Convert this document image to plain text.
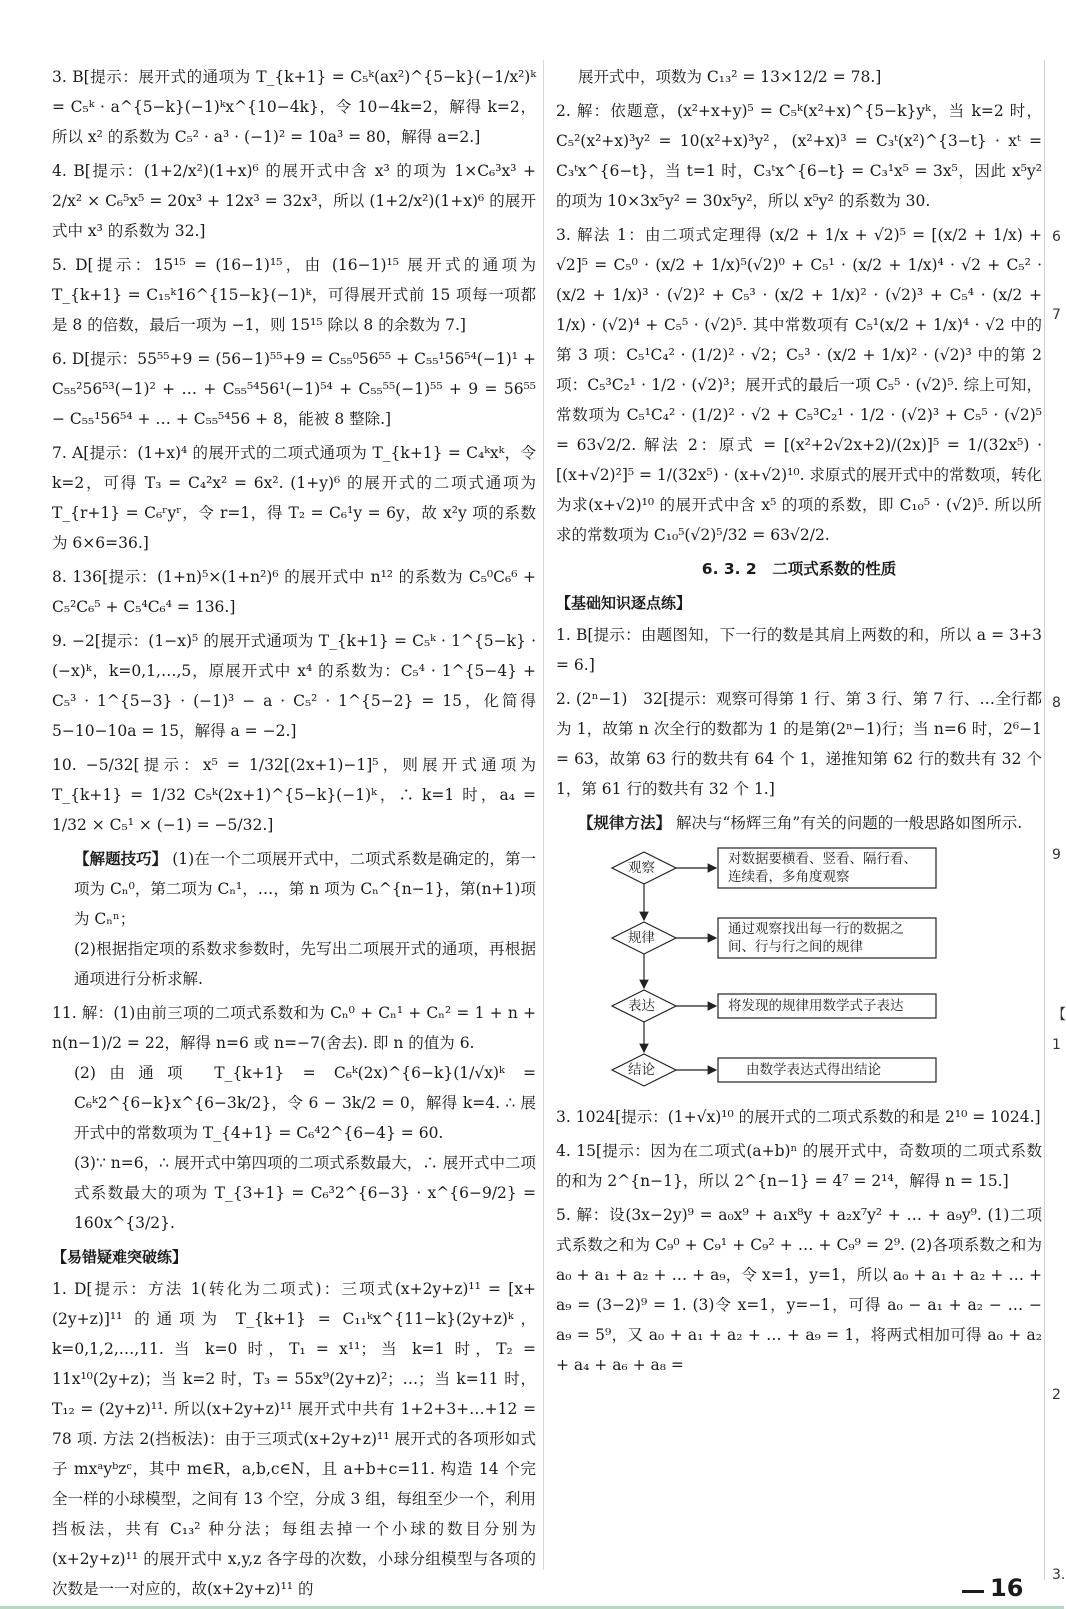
3. B[提示：展开式的通项为 T_{k+1} = C₅ᵏ(ax²)^{5−k}(−1/x²)ᵏ = C₅ᵏ · a^{5−k}(−1)ᵏx^{10−4k}，令 10−4k=2，解得 k=2，所以 x² 的系数为 C₅² · a³ · (−1)² = 10a³ = 80，解得 a=2.]

4. B[提示：(1+2/x²)(1+x)⁶ 的展开式中含 x³ 的项为 1×C₆³x³ + 2/x² × C₆⁵x⁵ = 20x³ + 12x³ = 32x³，所以 (1+2/x²)(1+x)⁶ 的展开式中 x³ 的系数为 32.]

5. D[提示：15¹⁵ = (16−1)¹⁵，由 (16−1)¹⁵ 展开式的通项为 T_{k+1} = C₁₅ᵏ16^{15−k}(−1)ᵏ，可得展开式前 15 项每一项都是 8 的倍数，最后一项为 −1，则 15¹⁵ 除以 8 的余数为 7.]

6. D[提示：55⁵⁵+9 = (56−1)⁵⁵+9 = C₅₅⁰56⁵⁵ + C₅₅¹56⁵⁴(−1)¹ + C₅₅²56⁵³(−1)² + … + C₅₅⁵⁴56¹(−1)⁵⁴ + C₅₅⁵⁵(−1)⁵⁵ + 9 = 56⁵⁵ − C₅₅¹56⁵⁴ + … + C₅₅⁵⁴56 + 8，能被 8 整除.]

7. A[提示：(1+x)⁴ 的展开式的二项式通项为 T_{k+1} = C₄ᵏxᵏ，令 k=2，可得 T₃ = C₄²x² = 6x². (1+y)⁶ 的展开式的二项式通项为 T_{r+1} = C₆ʳyʳ，令 r=1，得 T₂ = C₆¹y = 6y，故 x²y 项的系数为 6×6=36.]

8. 136[提示：(1+n)⁵×(1+n²)⁶ 的展开式中 n¹² 的系数为 C₅⁰C₆⁶ + C₅²C₆⁵ + C₅⁴C₆⁴ = 136.]

9. −2[提示：(1−x)⁵ 的展开式通项为 T_{k+1} = C₅ᵏ · 1^{5−k} · (−x)ᵏ，k=0,1,…,5，原展开式中 x⁴ 的系数为：C₅⁴ · 1^{5−4} + C₅³ · 1^{5−3} · (−1)³ − a · C₅² · 1^{5−2} = 15，化简得 5−10−10a = 15，解得 a = −2.]

10. −5/32[提示：x⁵ = 1/32[(2x+1)−1]⁵，则展开式通项为 T_{k+1} = 1/32 C₅ᵏ(2x+1)^{5−k}(−1)ᵏ，∴ k=1 时，a₄ = 1/32 × C₅¹ × (−1) = −5/32.]

【解题技巧】 (1)在一个二项展开式中，二项式系数是确定的，第一项为 Cₙ⁰，第二项为 Cₙ¹，…，第 n 项为 Cₙ^{n−1}，第(n+1)项为 Cₙⁿ；

(2)根据指定项的系数求参数时，先写出二项展开式的通项，再根据通项进行分析求解.

11. 解：(1)由前三项的二项式系数和为 Cₙ⁰ + Cₙ¹ + Cₙ² = 1 + n + n(n−1)/2 = 22，解得 n=6 或 n=−7(舍去). 即 n 的值为 6.

(2)由通项 T_{k+1} = C₆ᵏ(2x)^{6−k}(1/√x)ᵏ = C₆ᵏ2^{6−k}x^{6−3k/2}，令 6 − 3k/2 = 0，解得 k=4. ∴ 展开式中的常数项为 T_{4+1} = C₆⁴2^{6−4} = 60.

(3)∵ n=6，∴ 展开式中第四项的二项式系数最大，∴ 展开式中二项式系数最大的项为 T_{3+1} = C₆³2^{6−3} · x^{6−9/2} = 160x^{3/2}.

【易错疑难突破练】

1. D[提示：方法 1(转化为二项式)：三项式(x+2y+z)¹¹ = [x+(2y+z)]¹¹ 的通项为 T_{k+1} = C₁₁ᵏx^{11−k}(2y+z)ᵏ，k=0,1,2,…,11. 当 k=0 时，T₁ = x¹¹；当 k=1 时，T₂ = 11x¹⁰(2y+z)；当 k=2 时，T₃ = 55x⁹(2y+z)²；…；当 k=11 时，T₁₂ = (2y+z)¹¹. 所以(x+2y+z)¹¹ 展开式中共有 1+2+3+…+12 = 78 项. 方法 2(挡板法)：由于三项式(x+2y+z)¹¹ 展开式的各项形如式子 mxᵃyᵇzᶜ，其中 m∈R，a,b,c∈N，且 a+b+c=11. 构造 14 个完全一样的小球模型，之间有 13 个空，分成 3 组，每组至少一个，利用挡板法，共有 C₁₃² 种分法；每组去掉一个小球的数目分别为(x+2y+z)¹¹ 的展开式中 x,y,z 各字母的次数，小球分组模型与各项的次数是一一对应的，故(x+2y+z)¹¹ 的

展开式中，项数为 C₁₃² = 13×12/2 = 78.]

2. 解：依题意，(x²+x+y)⁵ = C₅ᵏ(x²+x)^{5−k}yᵏ，当 k=2 时，C₅²(x²+x)³y² = 10(x²+x)³y²，(x²+x)³ = C₃ᵗ(x²)^{3−t} · xᵗ = C₃ᵗx^{6−t}，当 t=1 时，C₃ᵗx^{6−t} = C₃¹x⁵ = 3x⁵，因此 x⁵y² 的项为 10×3x⁵y² = 30x⁵y²，所以 x⁵y² 的系数为 30.

3. 解法 1：由二项式定理得 (x/2 + 1/x + √2)⁵ = [(x/2 + 1/x) + √2]⁵ = C₅⁰ · (x/2 + 1/x)⁵(√2)⁰ + C₅¹ · (x/2 + 1/x)⁴ · √2 + C₅² · (x/2 + 1/x)³ · (√2)² + C₅³ · (x/2 + 1/x)² · (√2)³ + C₅⁴ · (x/2 + 1/x) · (√2)⁴ + C₅⁵ · (√2)⁵. 其中常数项有 C₅¹(x/2 + 1/x)⁴ · √2 中的第 3 项：C₅¹C₄² · (1/2)² · √2；C₅³ · (x/2 + 1/x)² · (√2)³ 中的第 2 项：C₅³C₂¹ · 1/2 · (√2)³；展开式的最后一项 C₅⁵ · (√2)⁵. 综上可知，常数项为 C₅¹C₄² · (1/2)² · √2 + C₅³C₂¹ · 1/2 · (√2)³ + C₅⁵ · (√2)⁵ = 63√2/2. 解法 2：原式 = [(x²+2√2x+2)/(2x)]⁵ = 1/(32x⁵) · [(x+√2)²]⁵ = 1/(32x⁵) · (x+√2)¹⁰. 求原式的展开式中的常数项，转化为求(x+√2)¹⁰ 的展开式中含 x⁵ 的项的系数，即 C₁₀⁵ · (√2)⁵. 所以所求的常数项为 C₁₀⁵(√2)⁵/32 = 63√2/2.

6. 3. 2　二项式系数的性质
【基础知识逐点练】

1. B[提示：由题图知，下一行的数是其肩上两数的和，所以 a = 3+3 = 6.]

2. (2ⁿ−1)　32[提示：观察可得第 1 行、第 3 行、第 7 行、…全行都为 1，故第 n 次全行的数都为 1 的是第(2ⁿ−1)行；当 n=6 时，2⁶−1 = 63，故第 63 行的数共有 64 个 1，递推知第 62 行的数共有 32 个 1，第 61 行的数共有 32 个 1.]

【规律方法】 解决与“杨辉三角”有关的问题的一般思路如图所示.

观察
规律
表达
结论
对数据要横看、竖看、隔行看、连续看，多角度观察
通过观察找出每一行的数据之间、行与行之间的规律
将发现的规律用数学式子表达
由数学表达式得出结论

3. 1024[提示：(1+√x)¹⁰ 的展开式的二项式系数的和是 2¹⁰ = 1024.]

4. 15[提示：因为在二项式(a+b)ⁿ 的展开式中，奇数项的二项式系数的和为 2^{n−1}，所以 2^{n−1} = 4⁷ = 2¹⁴，解得 n = 15.]

5. 解：设(3x−2y)⁹ = a₀x⁹ + a₁x⁸y + a₂x⁷y² + … + a₉y⁹. (1)二项式系数之和为 C₉⁰ + C₉¹ + C₉² + … + C₉⁹ = 2⁹. (2)各项系数之和为 a₀ + a₁ + a₂ + … + a₉，令 x=1，y=1，所以 a₀ + a₁ + a₂ + … + a₉ = (3−2)⁹ = 1. (3)令 x=1，y=−1，可得 a₀ − a₁ + a₂ − … − a₉ = 5⁹，又 a₀ + a₁ + a₂ + … + a₉ = 1，将两式相加可得 a₀ + a₂ + a₄ + a₆ + a₈ =

6
7
8
9
【
1
2
3.
16
